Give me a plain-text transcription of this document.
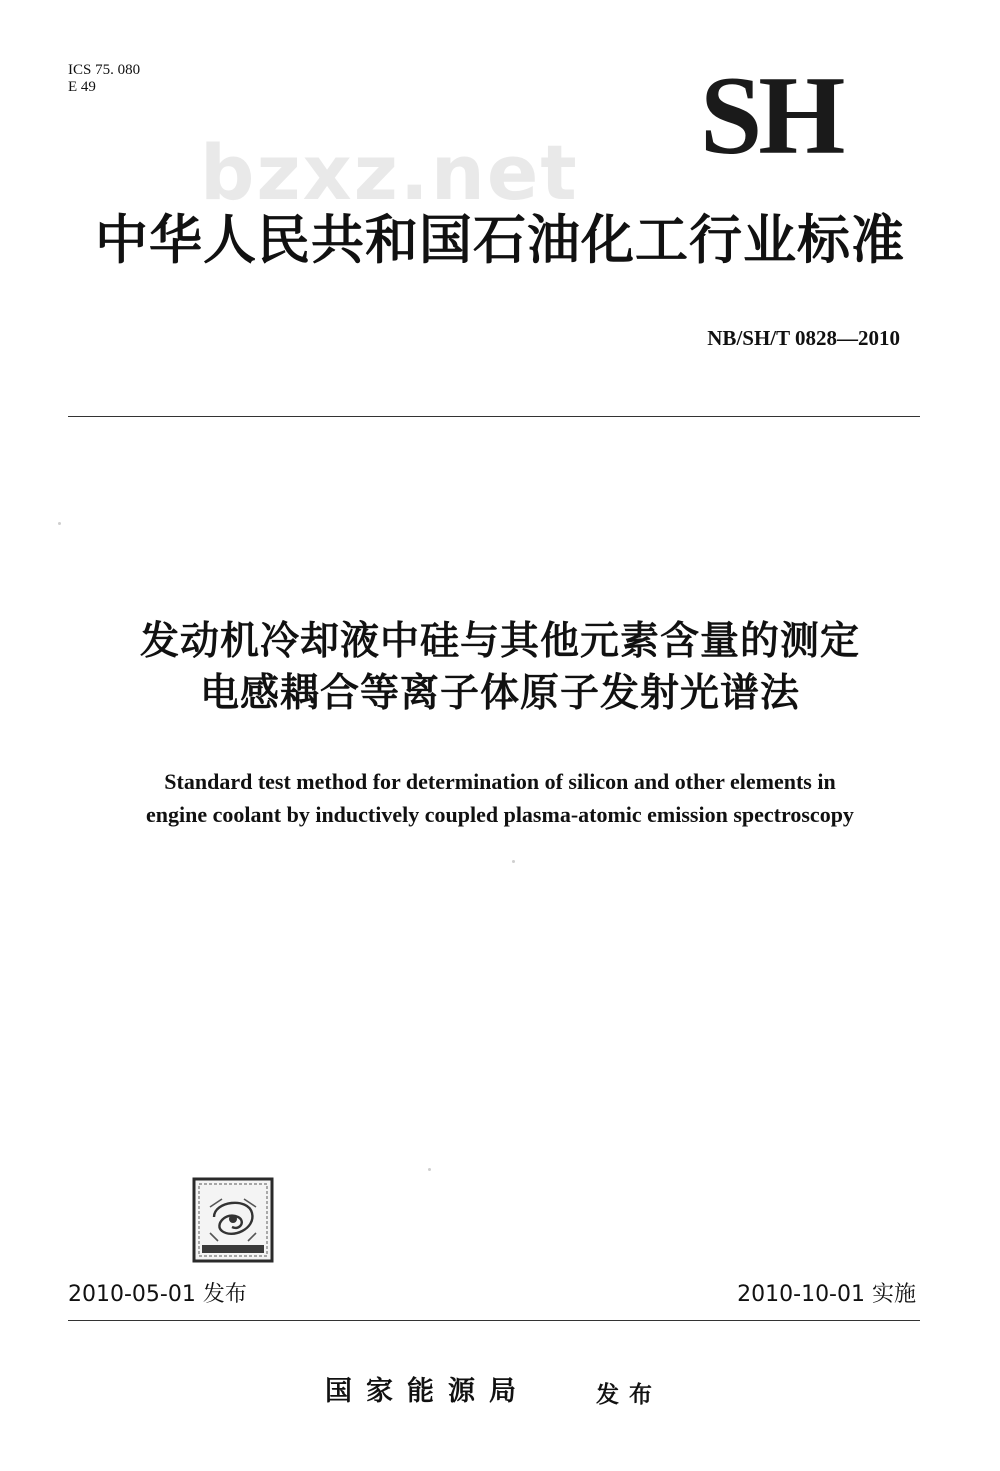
ICS 75. 080
E 49	SH
bzxz.net
中华人民共和国石油化工行业标准
NB/SH/T 0828—2010
发动机冷却液中硅与其他元素含量的测定
电感耦合等离子体原子发射光谱法
Standard test method for determination of silicon and other elements in
engine coolant by inductively coupled plasma-atomic emission spectroscopy
2010-05-01 发布	2010-10-01 实施
国家能源局	发布
